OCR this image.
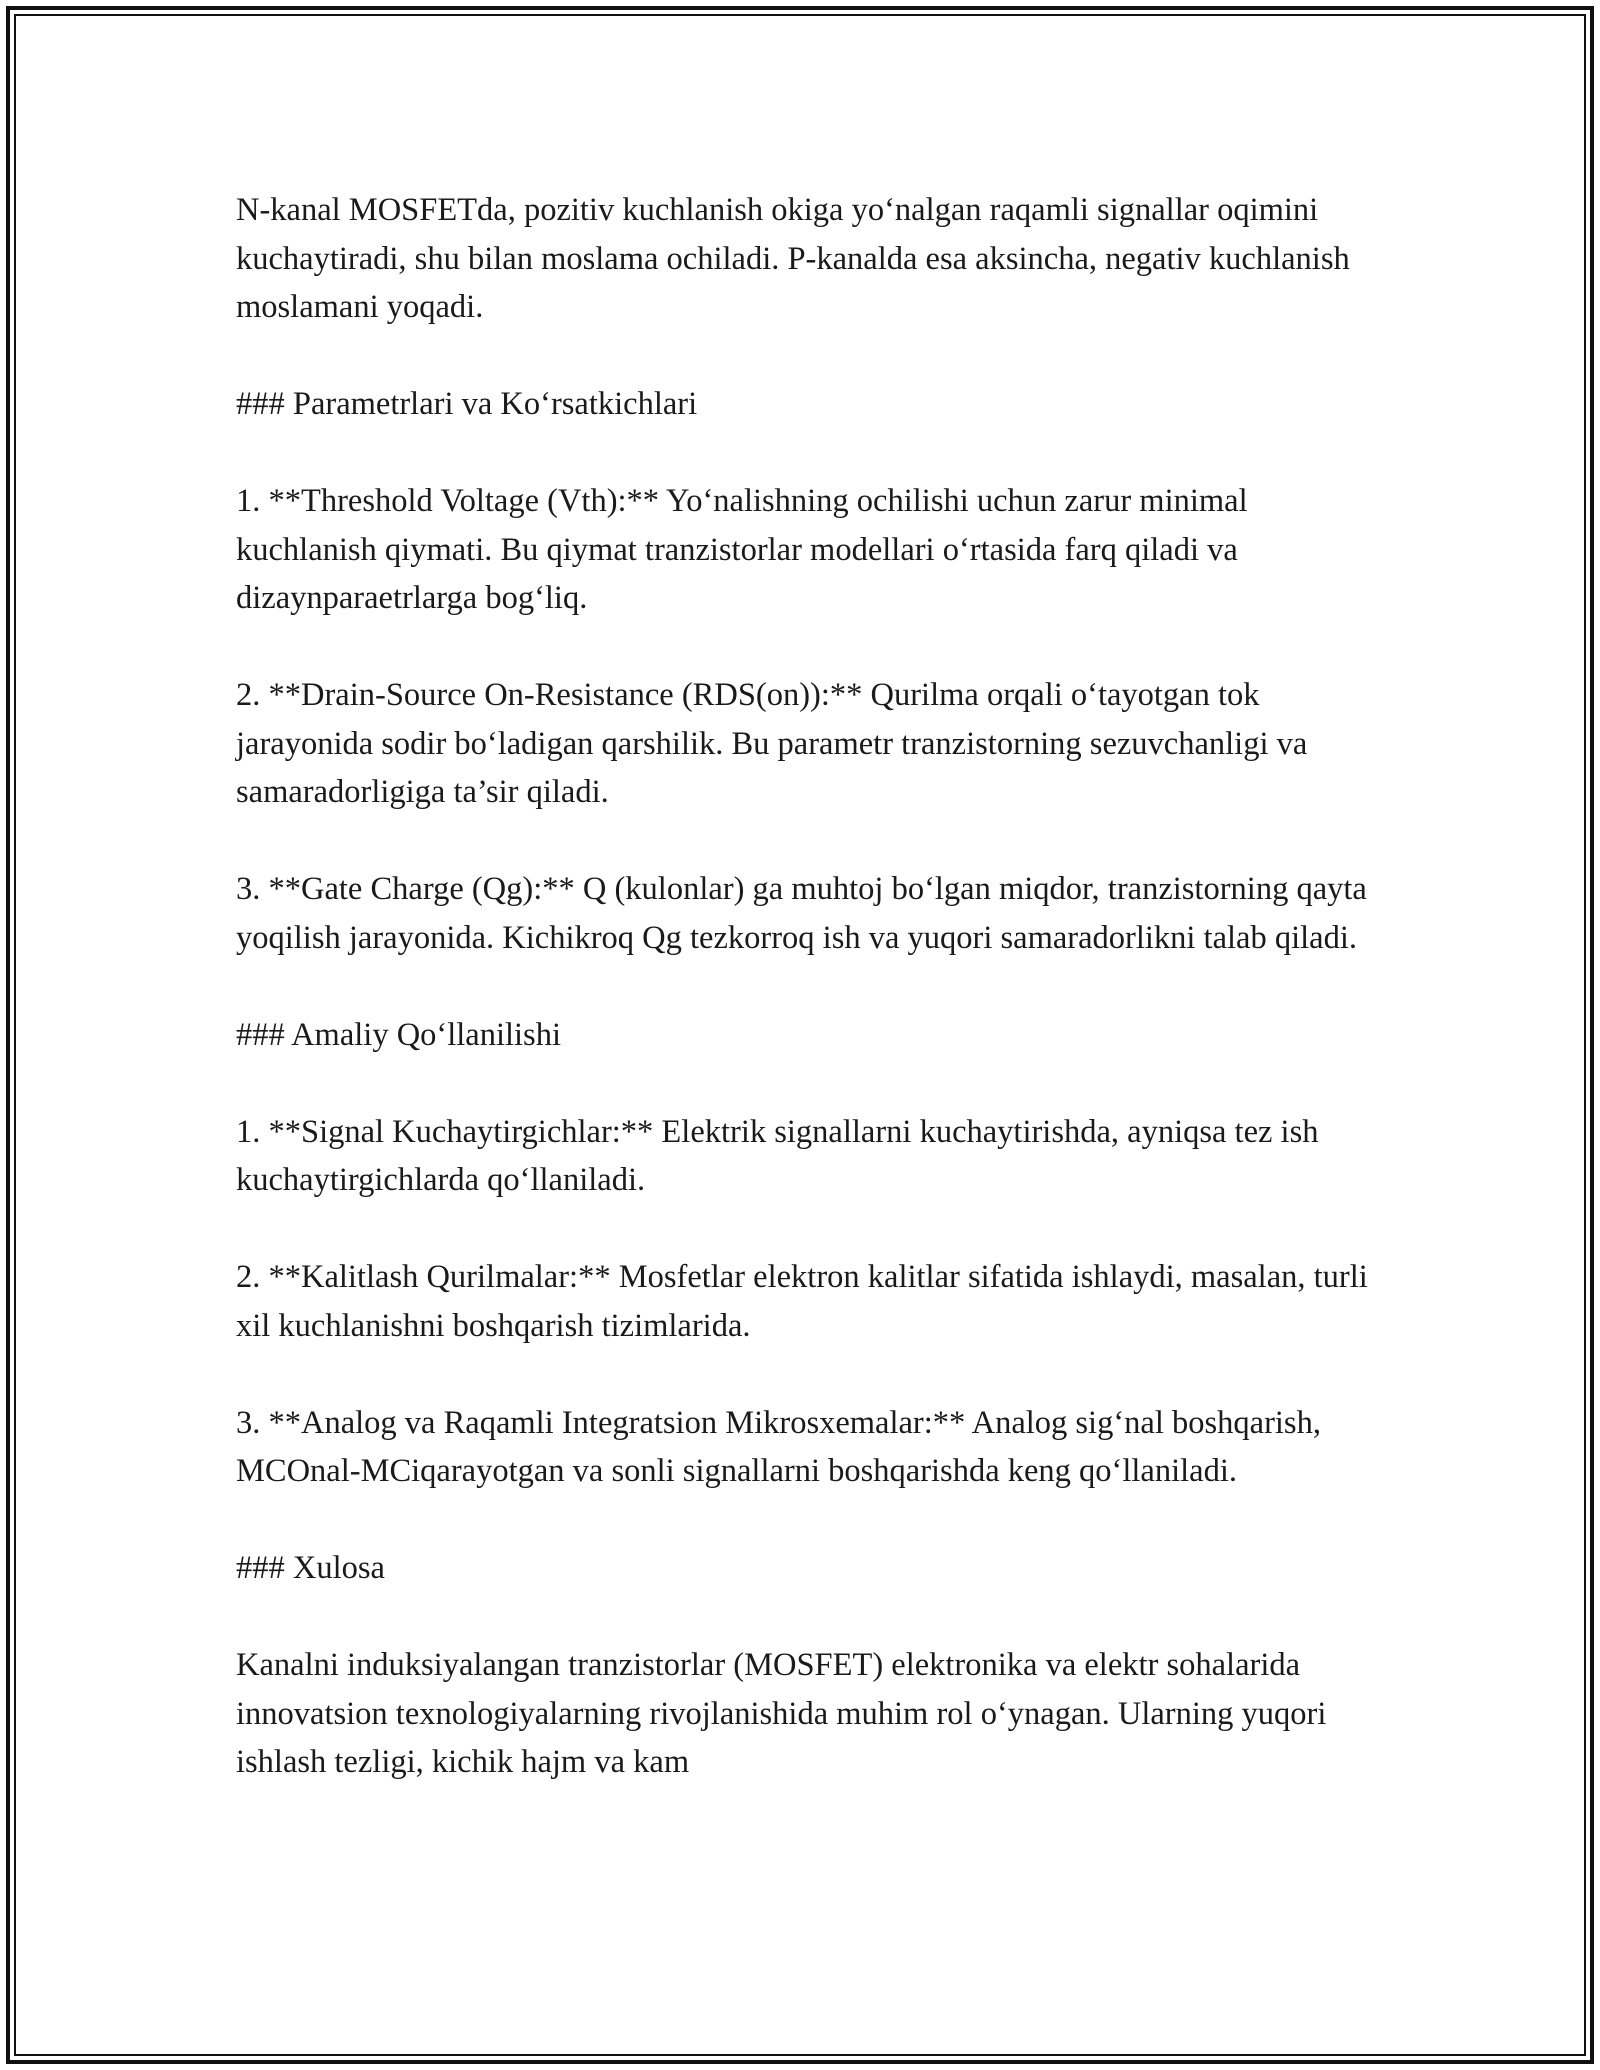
N-kanal MOSFETda, pozitiv kuchlanish okiga yo‘nalgan raqamli signallar oqimini kuchaytiradi, shu bilan moslama ochiladi. P-kanalda esa aksincha, negativ kuchlanish moslamani yoqadi.

### Parametrlari va Ko‘rsatkichlari

1. **Threshold Voltage (Vth):** Yo‘nalishning ochilishi uchun zarur minimal kuchlanish qiymati. Bu qiymat tranzistorlar modellari o‘rtasida farq qiladi va dizaynparaetrlarga bog‘liq.

2. **Drain-Source On-Resistance (RDS(on)):** Qurilma orqali o‘tayotgan tok jarayonida sodir bo‘ladigan qarshilik. Bu parametr tranzistorning sezuvchanligi va samaradorligiga ta’sir qiladi.

3. **Gate Charge (Qg):** Q (kulonlar) ga muhtoj bo‘lgan miqdor, tranzistorning qayta yoqilish jarayonida. Kichikroq Qg tezkorroq ish va yuqori samaradorlikni talab qiladi.

### Amaliy Qo‘llanilishi

1. **Signal Kuchaytirgichlar:** Elektrik signallarni kuchaytirishda, ayniqsa tez ish kuchaytirgichlarda qo‘llaniladi.

2. **Kalitlash Qurilmalar:** Mosfetlar elektron kalitlar sifatida ishlaydi, masalan, turli xil kuchlanishni boshqarish tizimlarida.

3. **Analog va Raqamli Integratsion Mikrosxemalar:** Analog sig‘nal boshqarish, MCOnal-MCiqarayotgan va sonli signallarni boshqarishda keng qo‘llaniladi.

### Xulosa

Kanalni induksiyalangan tranzistorlar (MOSFET) elektronika va elektr sohalarida innovatsion texnologiyalarning rivojlanishida muhim rol o‘ynagan. Ularning yuqori ishlash tezligi, kichik hajm va kam
